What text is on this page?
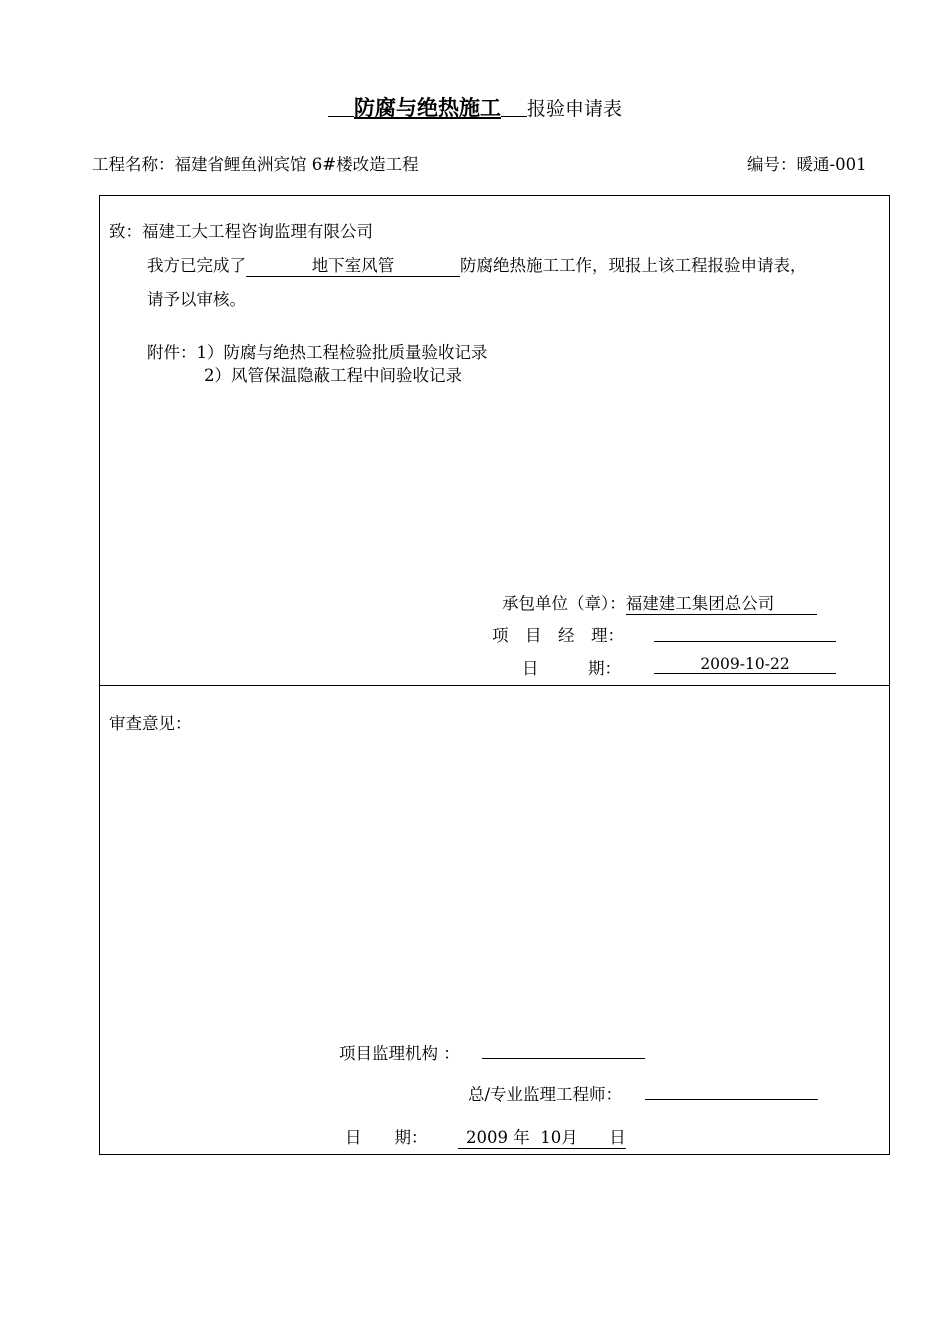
防腐与绝热施工 报验申请表
工程名称：福建省鲤鱼洲宾馆 6#楼改造工程	编号：暖通-001
致：福建工大工程咨询监理有限公司
我方已完成了	地下室风管	防腐绝热施工工作，现报上该工程报验申请表，
请予以审核。
附件：1）防腐与绝热工程检验批质量验收记录
2）风管保温隐蔽工程中间验收记录
承包单位（章）：福建建工集团总公司
项　目　经　理：
日　　　期：	2009-10-22
审查意见：
项目监理机构 ：
总/专业监理工程师：
日　　期：	2009 年  10月      日
